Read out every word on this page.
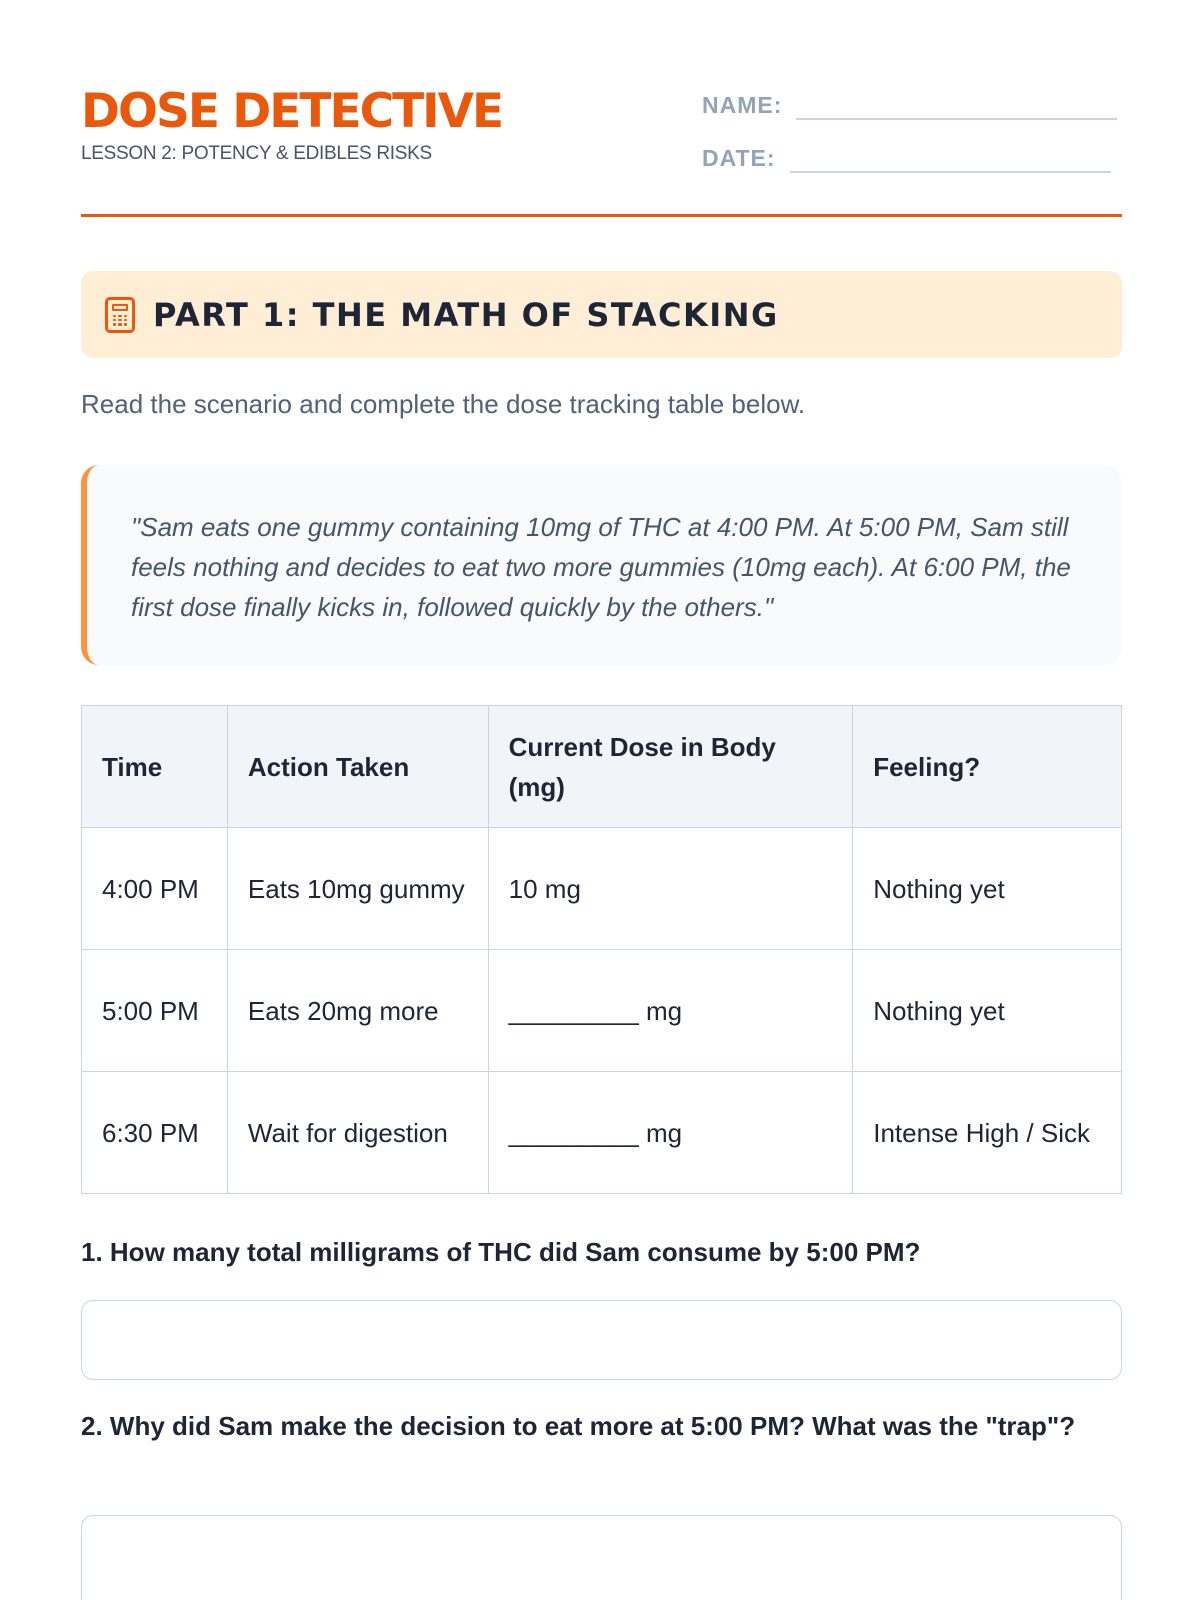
DOSE DETECTIVE
LESSON 2: POTENCY & EDIBLES RISKS
NAME:
DATE:
PART 1: THE MATH OF STACKING
Read the scenario and complete the dose tracking table below.

"Sam eats one gummy containing 10mg of THC at 4:00 PM. At 5:00 PM, Sam still feels nothing and decides to eat two more gummies (10mg each). At 6:00 PM, the first dose finally kicks in, followed quickly by the others."

Time	Action Taken	Current Dose in Body (mg)	Feeling?
4:00 PM	Eats 10mg gummy	10 mg	Nothing yet
5:00 PM	Eats 20mg more	_________ mg	Nothing yet
6:30 PM	Wait for digestion	_________ mg	Intense High / Sick
1. How many total milligrams of THC did Sam consume by 5:00 PM?
2. Why did Sam make the decision to eat more at 5:00 PM? What was the "trap"?
